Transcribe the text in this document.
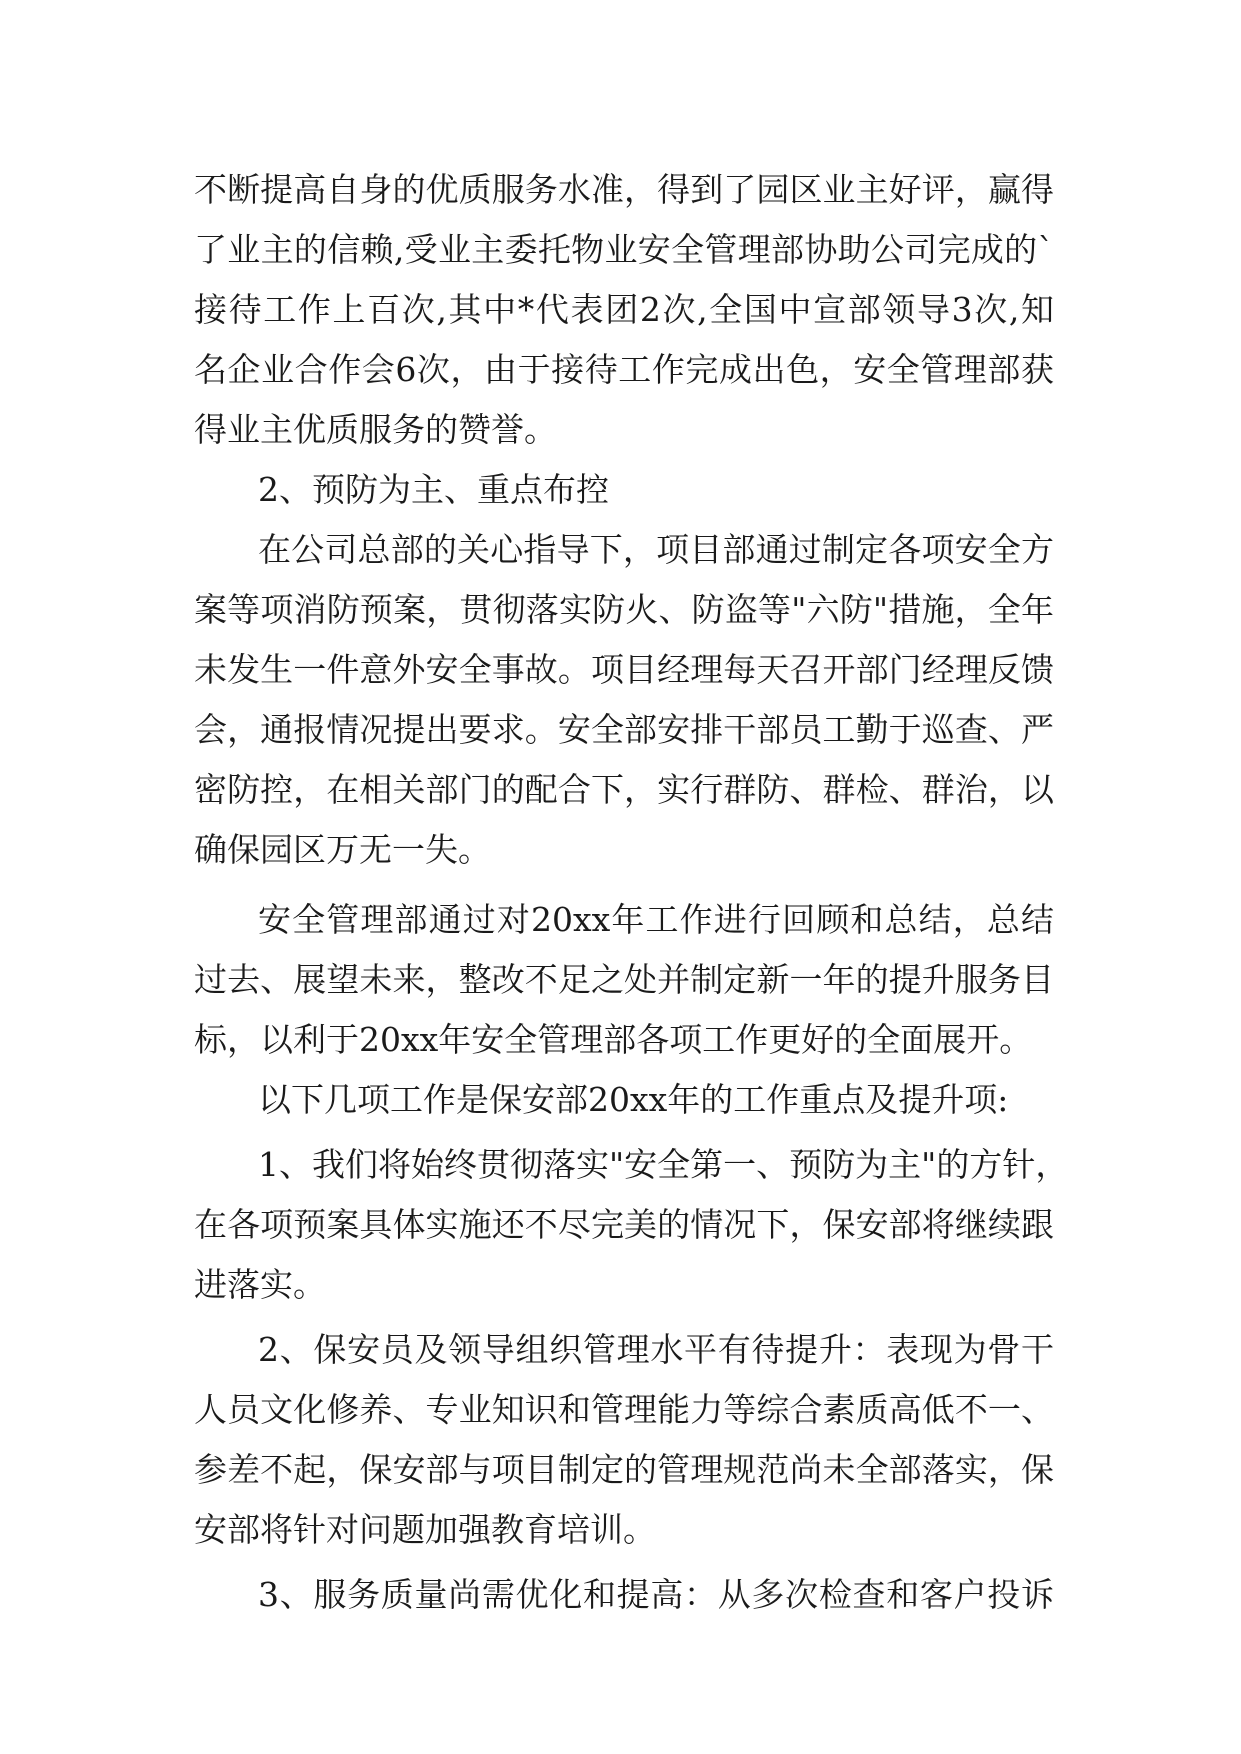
不断提高自身的优质服务水准，得到了园区业主好评，赢得
了业主的信赖,受业主委托物业安全管理部协助公司完成的`
接待工作上百次,其中*代表团2次,全国中宣部领导3次,知
名企业合作会6次，由于接待工作完成出色，安全管理部获
得业主优质服务的赞誉。
2、预防为主、重点布控
在公司总部的关心指导下，项目部通过制定各项安全方
案等项消防预案，贯彻落实防火、防盗等"六防"措施，全年
未发生一件意外安全事故。项目经理每天召开部门经理反馈
会，通报情况提出要求。安全部安排干部员工勤于巡查、严
密防控，在相关部门的配合下，实行群防、群检、群治，以
确保园区万无一失。
安全管理部通过对20xx年工作进行回顾和总结，总结
过去、展望未来，整改不足之处并制定新一年的提升服务目
标，以利于20xx年安全管理部各项工作更好的全面展开。
以下几项工作是保安部20xx年的工作重点及提升项:
1、我们将始终贯彻落实"安全第一、预防为主"的方针，
在各项预案具体实施还不尽完美的情况下，保安部将继续跟
进落实。
2、保安员及领导组织管理水平有待提升：表现为骨干
人员文化修养、专业知识和管理能力等综合素质高低不一、
参差不起，保安部与项目制定的管理规范尚未全部落实，保
安部将针对问题加强教育培训。
3、服务质量尚需优化和提高：从多次检查和客户投诉
